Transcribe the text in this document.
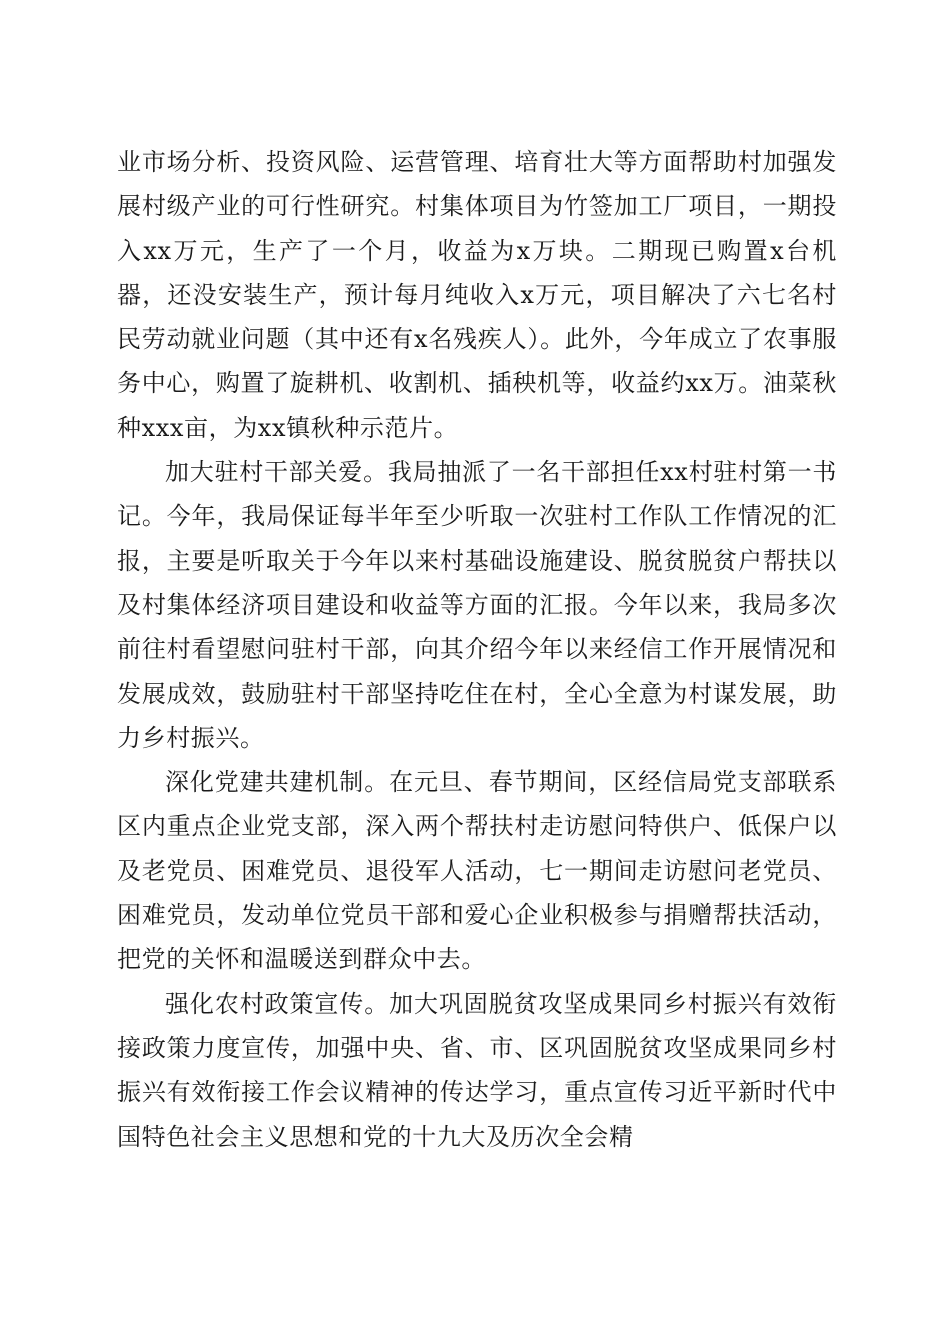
业市场分析、投资风险、运营管理、培育壮大等方面帮助村加强发展村级产业的可行性研究。村集体项目为竹签加工厂项目，一期投入xx万元，生产了一个月，收益为x万块。二期现已购置x台机器，还没安装生产，预计每月纯收入x万元，项目解决了六七名村民劳动就业问题（其中还有x名残疾人）。此外，今年成立了农事服务中心，购置了旋耕机、收割机、插秧机等，收益约xx万。油菜秋种xxx亩，为xx镇秋种示范片。

加大驻村干部关爱。我局抽派了一名干部担任xx村驻村第一书记。今年，我局保证每半年至少听取一次驻村工作队工作情况的汇报，主要是听取关于今年以来村基础设施建设、脱贫脱贫户帮扶以及村集体经济项目建设和收益等方面的汇报。今年以来，我局多次前往村看望慰问驻村干部，向其介绍今年以来经信工作开展情况和发展成效，鼓励驻村干部坚持吃住在村，全心全意为村谋发展，助力乡村振兴。

深化党建共建机制。在元旦、春节期间，区经信局党支部联系区内重点企业党支部，深入两个帮扶村走访慰问特供户、低保户以及老党员、困难党员、退役军人活动，七一期间走访慰问老党员、困难党员，发动单位党员干部和爱心企业积极参与捐赠帮扶活动，把党的关怀和温暖送到群众中去。

强化农村政策宣传。加大巩固脱贫攻坚成果同乡村振兴有效衔接政策力度宣传，加强中央、省、市、区巩固脱贫攻坚成果同乡村振兴有效衔接工作会议精神的传达学习，重点宣传习近平新时代中国特色社会主义思想和党的十九大及历次全会精
